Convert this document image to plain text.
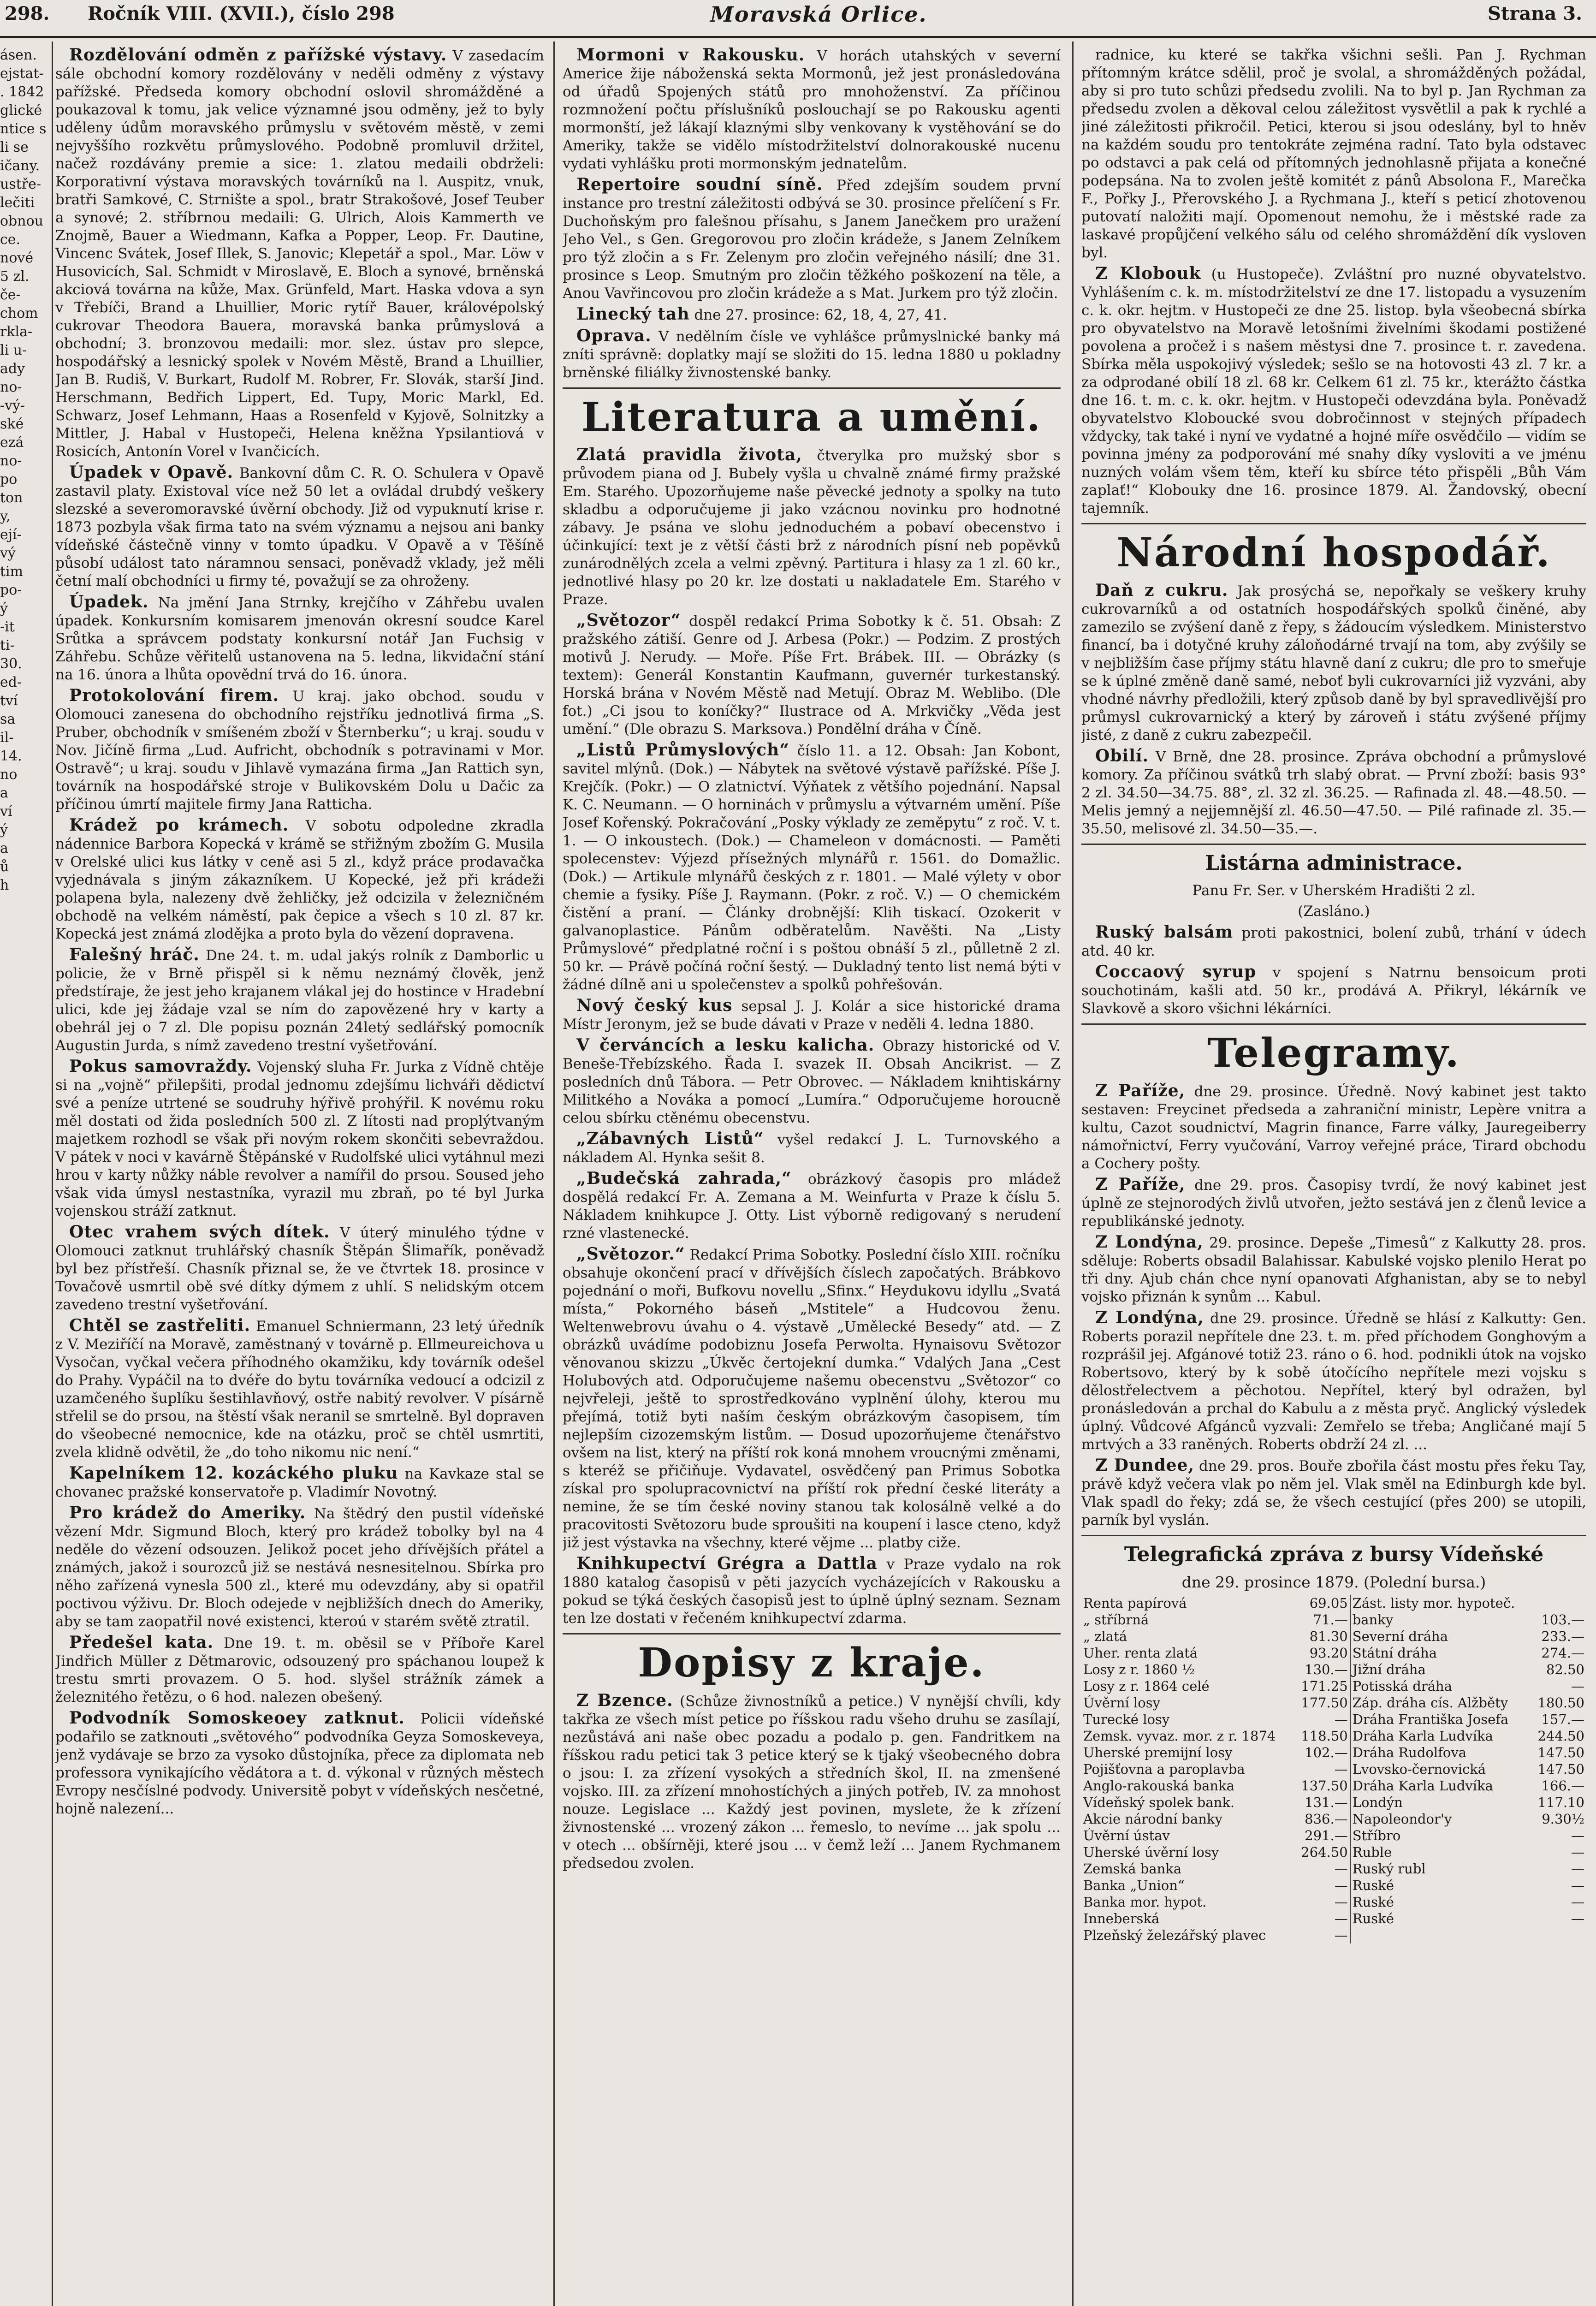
298. Ročník VIII. (XVII.), číslo 298	Moravská Orlice.	Strana 3.

ásen.

ejstat-

. 1842

glické

ntice s

li se

ičany.

ustře-

lečiti

obnou

ce.

nové

5 zl.

če-

chom

rkla-

li u-

ady

no-

-vý-

ské

ezá

no-

po

ton

y,

ejí-

vý

tim

po-

ý

-it

ti-

30.

ed-

tví

sa

il-

14.

no

a

ví

ý

a

ů

h

Rozdělování odměn z pařížské výstavy. V zasedacím sále obchodní komory rozdělovány v neděli odměny z výstavy pařížské. Předseda komory obchodní oslovil shromážděné a poukazoval k tomu, jak velice významné jsou odměny, jež to byly uděleny údům moravského průmyslu v světovém městě, v zemi nejvyššího rozkvětu průmyslového. Podobně promluvil držitel, načež rozdávány premie a sice: 1. zlatou medaili obdrželi: Korporativní výstava moravských továrníků na l. Auspitz, vnuk, bratři Samkové, C. Strnište a spol., bratr Strakošové, Josef Teuber a synové; 2. stříbrnou medaili: G. Ulrich, Alois Kammerth ve Znojmě, Bauer a Wiedmann, Kafka a Popper, Leop. Fr. Dautine, Vincenc Svátek, Josef Illek, S. Janovic; Klepetář a spol., Mar. Löw v Husovicích, Sal. Schmidt v Miroslavě, E. Bloch a synové, brněnská akciová továrna na kůže, Max. Grünfeld, Mart. Haska vdova a syn v Třebíči, Brand a Lhuillier, Moric rytíř Bauer, královépolský cukrovar Theodora Bauera, moravská banka průmyslová a obchodní; 3. bronzovou medaili: mor. slez. ústav pro slepce, hospodářský a lesnický spolek v Novém Městě, Brand a Lhuillier, Jan B. Rudiš, V. Burkart, Rudolf M. Robrer, Fr. Slovák, starší Jind. Herschmann, Bedřich Lippert, Ed. Tupy, Moric Markl, Ed. Schwarz, Josef Lehmann, Haas a Rosenfeld v Kyjově, Solnitzky a Mittler, J. Habal v Hustopeči, Helena kněžna Ypsilantiová v Rosicích, Antonín Vorel v Ivančicích.

Úpadek v Opavě. Bankovní dům C. R. O. Schulera v Opavě zastavil platy. Existoval více než 50 let a ovládal drubdý veškery slezské a severomoravské úvěrní obchody. Již od vypuknutí krise r. 1873 pozbyla však firma tato na svém významu a nejsou ani banky vídeňské částečně vinny v tomto úpadku. V Opavě a v Těšíně působí událost tato náramnou sensaci, poněvadž vklady, jež měli četní malí obchodníci u firmy té, považují se za ohroženy.

Úpadek. Na jmění Jana Strnky, krejčího v Záhřebu uvalen úpadek. Konkursním komisarem jmenován okresní soudce Karel Srůtka a správcem podstaty konkursní notář Jan Fuchsig v Záhřebu. Schůze věřitelů ustanovena na 5. ledna, likvidační stání na 16. února a lhůta opovědní trvá do 16. února.

Protokolování firem. U kraj. jako obchod. soudu v Olomouci zanesena do obchodního rejstříku jednotlivá firma „S. Pruber, obchodník v smíšeném zboží v Šternberku“; u kraj. soudu v Nov. Jičíně firma „Lud. Aufricht, obchodník s potravinami v Mor. Ostravě“; u kraj. soudu v Jihlavě vymazána firma „Jan Rattich syn, továrník na hospodářské stroje v Bulikovském Dolu u Dačic za příčinou úmrtí majitele firmy Jana Rattichа.

Krádež po krámech. V sobotu odpoledne zkradla nádennice Barbora Kopecká v krámě se střižným zbožím G. Musila v Orelské ulici kus látky v ceně asi 5 zl., když práce prodavačka vyjednávala s jiným zákazníkem. U Kopecké, jež při krádeži polapena byla, nalezeny dvě žehličky, jež odcizila v železničném obchodě na velkém náměstí, pak čepice a všech s 10 zl. 87 kr. Kopecká jest známá zlodějka a proto byla do vězení dopravena.

Falešný hráč. Dne 24. t. m. udal jakýs rolník z Damborlic u policie, že v Brně přispěl si k němu neznámý člověk, jenž předstíraje, že jest jeho krajanem vlákal jej do hostince v Hradební ulici, kde jej žádaje vzal se ním do zapovězené hry v karty a obehrál jej o 7 zl. Dle popisu poznán 24letý sedlářský pomocník Augustin Jurda, s nímž zavedeno trestní vyšetřování.

Pokus samovraždy. Vojenský sluha Fr. Jurka z Vídně chtěje si na „vojně“ přilepšiti, prodal jednomu zdejšímu lichváři dědictví své a peníze utrtené se soudruhy hýřivě prohýřil. K novému roku měl dostati od žida posledních 500 zl. Z lítosti nad proplýtvaným majetkem rozhodl se však při novým rokem skončiti sebevraždou. V pátek v noci v kavárně Štěpánské v Rudolfské ulici vytáhnul mezi hrou v karty nůžky náble revolver a namířil do prsou. Soused jeho však vida úmysl nestastníka, vyrazil mu zbraň, po té byl Jurka vojenskou stráží zatknut.

Otec vrahem svých dítek. V úterý minulého týdne v Olomouci zatknut truhlářský chasník Štěpán Šlimařík, poněvadž byl bez přístřeší. Chasník přiznal se, že ve čtvrtek 18. prosince v Tovačově usmrtil obě své dítky dýmem z uhlí. S nelidským otcem zavedeno trestní vyšetřování.

Chtěl se zastřeliti. Emanuel Schniermann, 23 letý úředník z V. Meziříčí na Moravě, zaměstnaný v továrně p. Ellmeureichova u Vysočan, vyčkal večera příhodného okamžiku, kdy továrník odešel do Prahy. Vypáčil na to dvéře do bytu továrníka vedoucí a odcizil z uzamčeného šuplíku šestihlavňový, ostře nabitý revolver. V písárně střelil se do prsou, na štěstí však neranil se smrtelně. Byl dopraven do všeobecné nemocnice, kde na otázku, proč se chtěl usmrtiti, zvela klidně odvětil, že „do toho nikomu nic není.“

Kapelníkem 12. kozáckého pluku na Kavkaze stal se chovanec pražské konservatoře p. Vladimír Novotný.

Pro krádež do Ameriky. Na štědrý den pustil vídeňské vězení Mdr. Sigmund Bloch, který pro krádež tobolky byl na 4 neděle do vězení odsouzen. Jelikož pocet jeho dřívějších přátel a známých, jakož i sourozců již se nestává nesnesitelnou. Sbírka pro něho zařízená vynesla 500 zl., které mu odevzdány, aby si opatřil poctivou výživu. Dr. Bloch odejede v nejbližších dnech do Ameriky, aby se tam zaopatřil nové existenci, kteroú v starém světě ztratil.

Předešel kata. Dne 19. t. m. oběsil se v Příboře Karel Jindřich Müller z Dětmarovic, odsouzený pro spáchanou loupež k trestu smrti provazem. O 5. hod. slyšel strážník zámek a železnitého řetězu, o 6 hod. nalezen obešený.

Podvodník Somoskeoey zatknut. Policii vídeňské podařilo se zatknouti „světového“ podvodníka Geyza Somoskeveya, jenž vydávaje se brzo za vysoko důstojníka, přece za diplomata neb professora vynikajícího vědátora a t. d. výkonal v různých městech Evropy nesčíslné podvody. Universitě pobyt v vídeňských nesčetné, hojně nalezení...

Mormoni v Rakousku. V horách utahských v severní Americe žije náboženská sekta Mormonů, jež jest pronásledována od úřadů Spojených států pro mnohoženství. Za příčinou rozmnožení počtu příslušníků poslouchají se po Rakousku agenti mormonští, jež lákají klaznými slby venkovany k vystěhování se do Ameriky, takže se vidělo místodržitelství dolnorakouské nucenu vydati vyhlášku proti mormonským jednatelům.

Repertoire soudní síně. Před zdejším soudem první instance pro trestní záležitosti odbývá se 30. prosince přelíčení s Fr. Duchoňským pro falešnou přísahu, s Janem Janečkem pro uražení Jeho Vel., s Gen. Gregorovou pro zločin krádeže, s Janem Zelníkem pro týž zločin a s Fr. Zelenym pro zločin veřejného násilí; dne 31. prosince s Leop. Smutným pro zločin těžkého poškození na těle, a Anou Vavřincovou pro zločin krádeže a s Mat. Jurkem pro týž zločin.

Linecký tah dne 27. prosince: 62, 18, 4, 27, 41.

Oprava. V nedělním čísle ve vyhlášce průmyslnické banky má zníti správně: doplatky mají se složiti do 15. ledna 1880 u pokladny brněnské filiálky živnostenské banky.

Literatura a umění.

Zlatá pravidla života, čtverylka pro mužský sbor s průvodem piana od J. Bubely vyšla u chvalně známé firmy pražské Em. Starého. Upozorňujeme naše pěvecké jednoty a spolky na tuto skladbu a odporučujeme ji jako vzácnou novinku pro hodnotné zábavy. Je psána ve slohu jednoduchém a pobaví obecenstvo i účinkující: text je z větší části brž z národních písní neb popěvků zunárodnělých zcela a velmi zpěvný. Partitura i hlasy za 1 zl. 60 kr., jednotlivé hlasy po 20 kr. lze dostati u nakladatele Em. Starého v Praze.

„Světozor“ dospěl redakcí Prima Sobotky k č. 51. Obsah: Z pražského zátiší. Genre od J. Arbesa (Pokr.) — Podzim. Z prostých motivů J. Nerudy. — Moře. Píše Frt. Brábek. III. — Obrázky (s textem): Generál Konstantin Kaufmann, guvernér turkestanský. Horská brána v Novém Městě nad Metují. Obraz M. Weblibo. (Dle fot.) „Ci jsou to koníčky?“ Ilustrace od A. Mrkvičky „Věda jest umění.“ (Dle obrazu S. Marksova.) Pondělní dráha v Číně.

„Listů Průmyslových“ číslo 11. a 12. Obsah: Jan Kobont, savitel mlýnů. (Dok.) — Nábytek na světové výstavě pařížské. Píše J. Krejčík. (Pokr.) — O zlatnictví. Výňatek z většího pojednání. Napsal K. C. Neumann. — O horninách v průmyslu a výtvarném umění. Píše Josef Kořenský. Pokračování „Posky výklady ze zeměpytu“ z roč. V. t. 1. — O inkoustech. (Dok.) — Chameleon v domácnosti. — Paměti spolecenstev: Výjezd přísežných mlynářů r. 1561. do Domažlic. (Dok.) — Artikule mlynářů českých z r. 1801. — Malé výlety v obor chemie a fysiky. Píše J. Raymann. (Pokr. z roč. V.) — O chemickém čistění a praní. — Články drobnější: Klih tiskací. Ozokerit v galvanoplastice. Pánům odběratelům. Navěšti. Na „Listy Průmyslové“ předplatné roční i s poštou obnáší 5 zl., půlletně 2 zl. 50 kr. — Právě počíná roční šestý. — Dukladný tento list nemá býti v žádné dílně ani u společenstev a spolků pohřešován.

Nový český kus sepsal J. J. Kolár a sice historické drama Místr Jeronym, jež se bude dávati v Praze v neděli 4. ledna 1880.

V červáncích a lesku kalicha. Obrazy historické od V. Beneše-Třebízského. Řada I. svazek II. Obsah Ancikrist. — Z posledních dnů Tábora. — Petr Obrovec. — Nákladem knihtiskárny Militkého a Nováka a pomocí „Lumíra.“ Odporučujeme horoucně celou sbírku ctěnému obecenstvu.

„Zábavných Listů“ vyšel redakcí J. L. Turnovského a nákladem Al. Hynka sešit 8.

„Budečská zahrada,“ obrázkový časopis pro mládež dospělá redakcí Fr. A. Zemana a M. Weinfurta v Praze k číslu 5. Nákladem knihkupce J. Otty. List výborně redigovaný s nerudení rzné vlastenecké.

„Světozor.“ Redakcí Prima Sobotky. Poslední číslo XIII. ročníku obsahuje okončení prací v dřívějších číslech započatých. Brábkovo pojednání o moři, Bufkovu novellu „Sfinx.“ Heydukovu idyllu „Svatá místa,“ Pokorného báseň „Mstitele“ a Hudcovou ženu. Weltenwebrovu úvahu o 4. výstavě „Umělecké Besedy“ atd. — Z obrázků uvádíme podobiznu Josefa Perwolta. Hynaisovu Světozor věnovanou skizzu „Úkvěc čertojekní dumka.“ Vdalých Jana „Cest Holubových atd. Odporučujeme našemu obecenstvu „Světozor“ co nejvřeleji, ještě to sprostředkováno vyplnění úlohy, kterou mu přejímá, totiž byti naším českým obrázkovým časopisem, tím nejlepším cizozemským listům. — Dosud upozorňujeme čtenářstvo ovšem na list, který na příští rok koná mnohem vroucnými změnami, s kteréž se přičiňuje. Vydavatel, osvědčený pan Primus Sobotka získal pro spolupracovnictví na příští rok přední české literáty a nemine, že se tím české noviny stanou tak kolosálně velké a do pracovitosti Světozoru bude sproušiti na koupení i lasce cteno, když již jest výstavka na všechny, které vějme ... platby ciže.

Knihkupectví Grégra a Dattla v Praze vydalo na rok 1880 katalog časopisů v pěti jazycích vycházejících v Rakousku a pokud se týká českých časopisů jest to úplně úplný seznam. Seznam ten lze dostati v řečeném knihkupectví zdarma.

Dopisy z kraje.

Z Bzence. (Schůze živnostníků a petice.) V nynější chvíli, kdy takřka ze všech míst petice po říšskou radu všeho druhu se zasílají, nezůstává ani naše obec pozadu a podalo p. gen. Fandritkem na říšskou radu petici tak 3 petice který se k tjaký všeobecného dobra o jsou: I. za zřízení vysokých a středních škol, II. na zmenšené vojsko. III. za zřízení mnohostíchých a jiných potřeb, IV. za mnohost nouze. Legislace ... Každý jest povinen, myslete, že k zřízení živnostenské ... vrozený zákon ... řemeslo, to nevíme ... jak spolu ... v otech ... obšírněji, které jsou ... v čemž leží ... Janem Rychmanem předsedou zvolen.

radnice, ku které se takřka všichni sešli. Pan J. Rychman přítomným krátce sdělil, proč je svolal, a shromážděných požádal, aby si pro tuto schůzi předsedu zvolili. Na to byl p. Jan Rychman za předsedu zvolen a děkoval celou záležitost vysvětlil a pak k rychlé a jiné záležitosti přikročil. Petici, kterou si jsou odeslány, byl to hněv na každém soudu pro tentokráte zejména radní. Tato byla odstavec po odstavci a pak celá od přítomných jednohlasně přijata a konečné podepsána. Na to zvolen ještě komitét z pánů Absolona F., Marečka F., Pořky J., Přerovského J. a Rychmana J., kteří s peticí zhotovenou putovatí naložiti mají. Opomenout nemohu, že i městské rade za laskavé propůjčení velkého sálu od celého shromáždění dík vysloven byl.

Z Klobouk (u Hustopeče). Zvláštní pro nuzné obyvatelstvo. Vyhlášením c. k. m. místodržitelství ze dne 17. listopadu a vysuzením c. k. okr. hejtm. v Hustopeči ze dne 25. listop. byla všeobecná sbírka pro obyvatelstvo na Moravě letošními živelními škodami postižené povolena a pročež i s našem městysi dne 7. prosince t. r. zavedena. Sbírka měla uspokojivý výsledek; sešlo se na hotovosti 43 zl. 7 kr. a za odprodané obilí 18 zl. 68 kr. Celkem 61 zl. 75 kr., kterážto částka dne 16. t. m. c. k. okr. hejtm. v Hustopeči odevzdána byla. Poněvadž obyvatelstvo Kloboucké svou dobročinnost v stejných případech vždycky, tak také i nyní ve vydatné a hojné míře osvědčilo — vidím se povinna jmény za podporování mé snahy díky vysloviti a ve jménu nuzných volám všem těm, kteří ku sbírce této přispěli „Bůh Vám zaplať!“ Klobouky dne 16. prosince 1879. Al. Žandovský, obecní tajemník.

Národní hospodář.

Daň z cukru. Jak prosýchá se, nepořkaly se veškery kruhy cukrovarníků a od ostatních hospodářských spolků činěné, aby zamezilo se zvýšení daně z řepy, s žádoucím výsledkem. Ministerstvo financí, ba i dotyčné kruhy záloňodárné trvají na tom, aby zvýšily se v nejbližším čase příjmy státu hlavně daní z cukru; dle pro to smeřuje se k úplné změně daně samé, neboť byli cukrovarníci již vyzváni, aby vhodné návrhy předložili, který způsob daně by byl spravedlivější pro průmysl cukrovarnický a který by zároveň i státu zvýšené příjmy jisté, z daně z cukru zabezpečil.

Obilí. V Brně, dne 28. prosince. Zpráva obchodní a průmyslové komory. Za příčinou svátků trh slabý obrat. — První zboží: basis 93° 2 zl. 34.50—34.75. 88°, zl. 32 zl. 36.25. — Rafinada zl. 48.—48.50. — Melis jemný a nejjemnější zl. 46.50—47.50. — Pilé rafinade zl. 35.—35.50, melisové zl. 34.50—35.—.

Listárna administrace.

Panu Fr. Ser. v Uherském Hradišti 2 zl.

(Zasláno.)

Ruský balsám proti pakostnici, bolení zubů, trhání v údech atd. 40 kr.

Coccaový syrup v spojení s Natrnu bensoicum proti souchotinám, kašli atd. 50 kr., prodává A. Přikryl, lékárník ve Slavkově a skoro všichni lékárníci.

Telegramy.

Z Paříže, dne 29. prosince. Úředně. Nový kabinet jest takto sestaven: Freycinet předseda a zahraniční ministr, Lepère vnitra a kultu, Cazot soudnictví, Magrin finance, Farre války, Jauregeiberry námořnictví, Ferry vyučování, Varroy veřejné práce, Tirard obchodu a Cochery pošty.

Z Paříže, dne 29. pros. Časopisy tvrdí, že nový kabinet jest úplně ze stejnorodých živlů utvořen, ježto sestává jen z členů levice a republikánské jednoty.

Z Londýna, 29. prosince. Depeše „Timesů“ z Kalkutty 28. pros. sděluje: Roberts obsadil Balahissar. Kabulské vojsko plenilo Herat po tři dny. Ajub chán chce nyní opanovati Afghanistan, aby se to nebyl vojsko přiznán k synům ... Kabul.

Z Londýna, dne 29. prosince. Úředně se hlásí z Kalkutty: Gen. Roberts porazil nepřítele dne 23. t. m. před příchodem Gonghovým a rozprášil jej. Afgánové totiž 23. ráno o 6. hod. podnikli útok na vojsko Robertsovo, který by k sobě útočícího nepřítele mezi vojsku s dělostřelectvem a pěchotou. Nepřítel, který byl odražen, byl pronásledován a prchal do Kabulu a z města pryč. Anglický výsledek úplný. Vůdcové Afgánců vyzvali: Zemřelo se třeba; Angličané mají 5 mrtvých a 33 raněných. Roberts obdrží 24 zl. ...

Z Dundee, dne 29. pros. Bouře zbořila část mostu přes řeku Tay, právě když večera vlak po něm jel. Vlak směl na Edinburgh kde byl. Vlak spadl do řeky; zdá se, že všech cestující (přes 200) se utopili, parník byl vyslán.

Telegrafická zpráva z bursy Vídeňské
dne 29. prosince 1879. (Polední bursa.)
Renta papírová	69.05	Zást. listy mor. hypoteč.	
„ stříbrná	71.—	banky	103.—
„ zlatá	81.30	Severní dráha	233.—
Uher. renta zlatá	93.20	Státní dráha	274.—
Losy z r. 1860 ½	130.—	Jižní dráha	82.50
Losy z r. 1864 celé	171.25	Potisská dráha	—
Úvěrní losy	177.50	Záp. dráha cís. Alžběty	180.50
Turecké losy	—	Dráha Františka Josefa	157.—
Zemsk. vyvaz. mor. z r. 1874	118.50	Dráha Karla Ludvíka	244.50
Uherské premijní losy	102.—	Dráha Rudolfova	147.50
Pojišťovna a paroplavba	—	Lvovsko-černovická	147.50
Anglo-rakouská banka	137.50	Dráha Karla Ludvíka	166.—
Vídeňský spolek bank.	131.—	Londýn	117.10
Akcie národní banky	836.—	Napoleondor'y	9.30½
Úvěrní ústav	291.—	Stříbro	—
Uherské úvěrní losy	264.50	Ruble	—
Zemská banka	—	Ruský rubl	—
Banka „Union“	—	Ruské	—
Banka mor. hypot.	—	Ruské	—
Inneberská	—	Ruské	—
Plzeňský železářský plavec	—		
